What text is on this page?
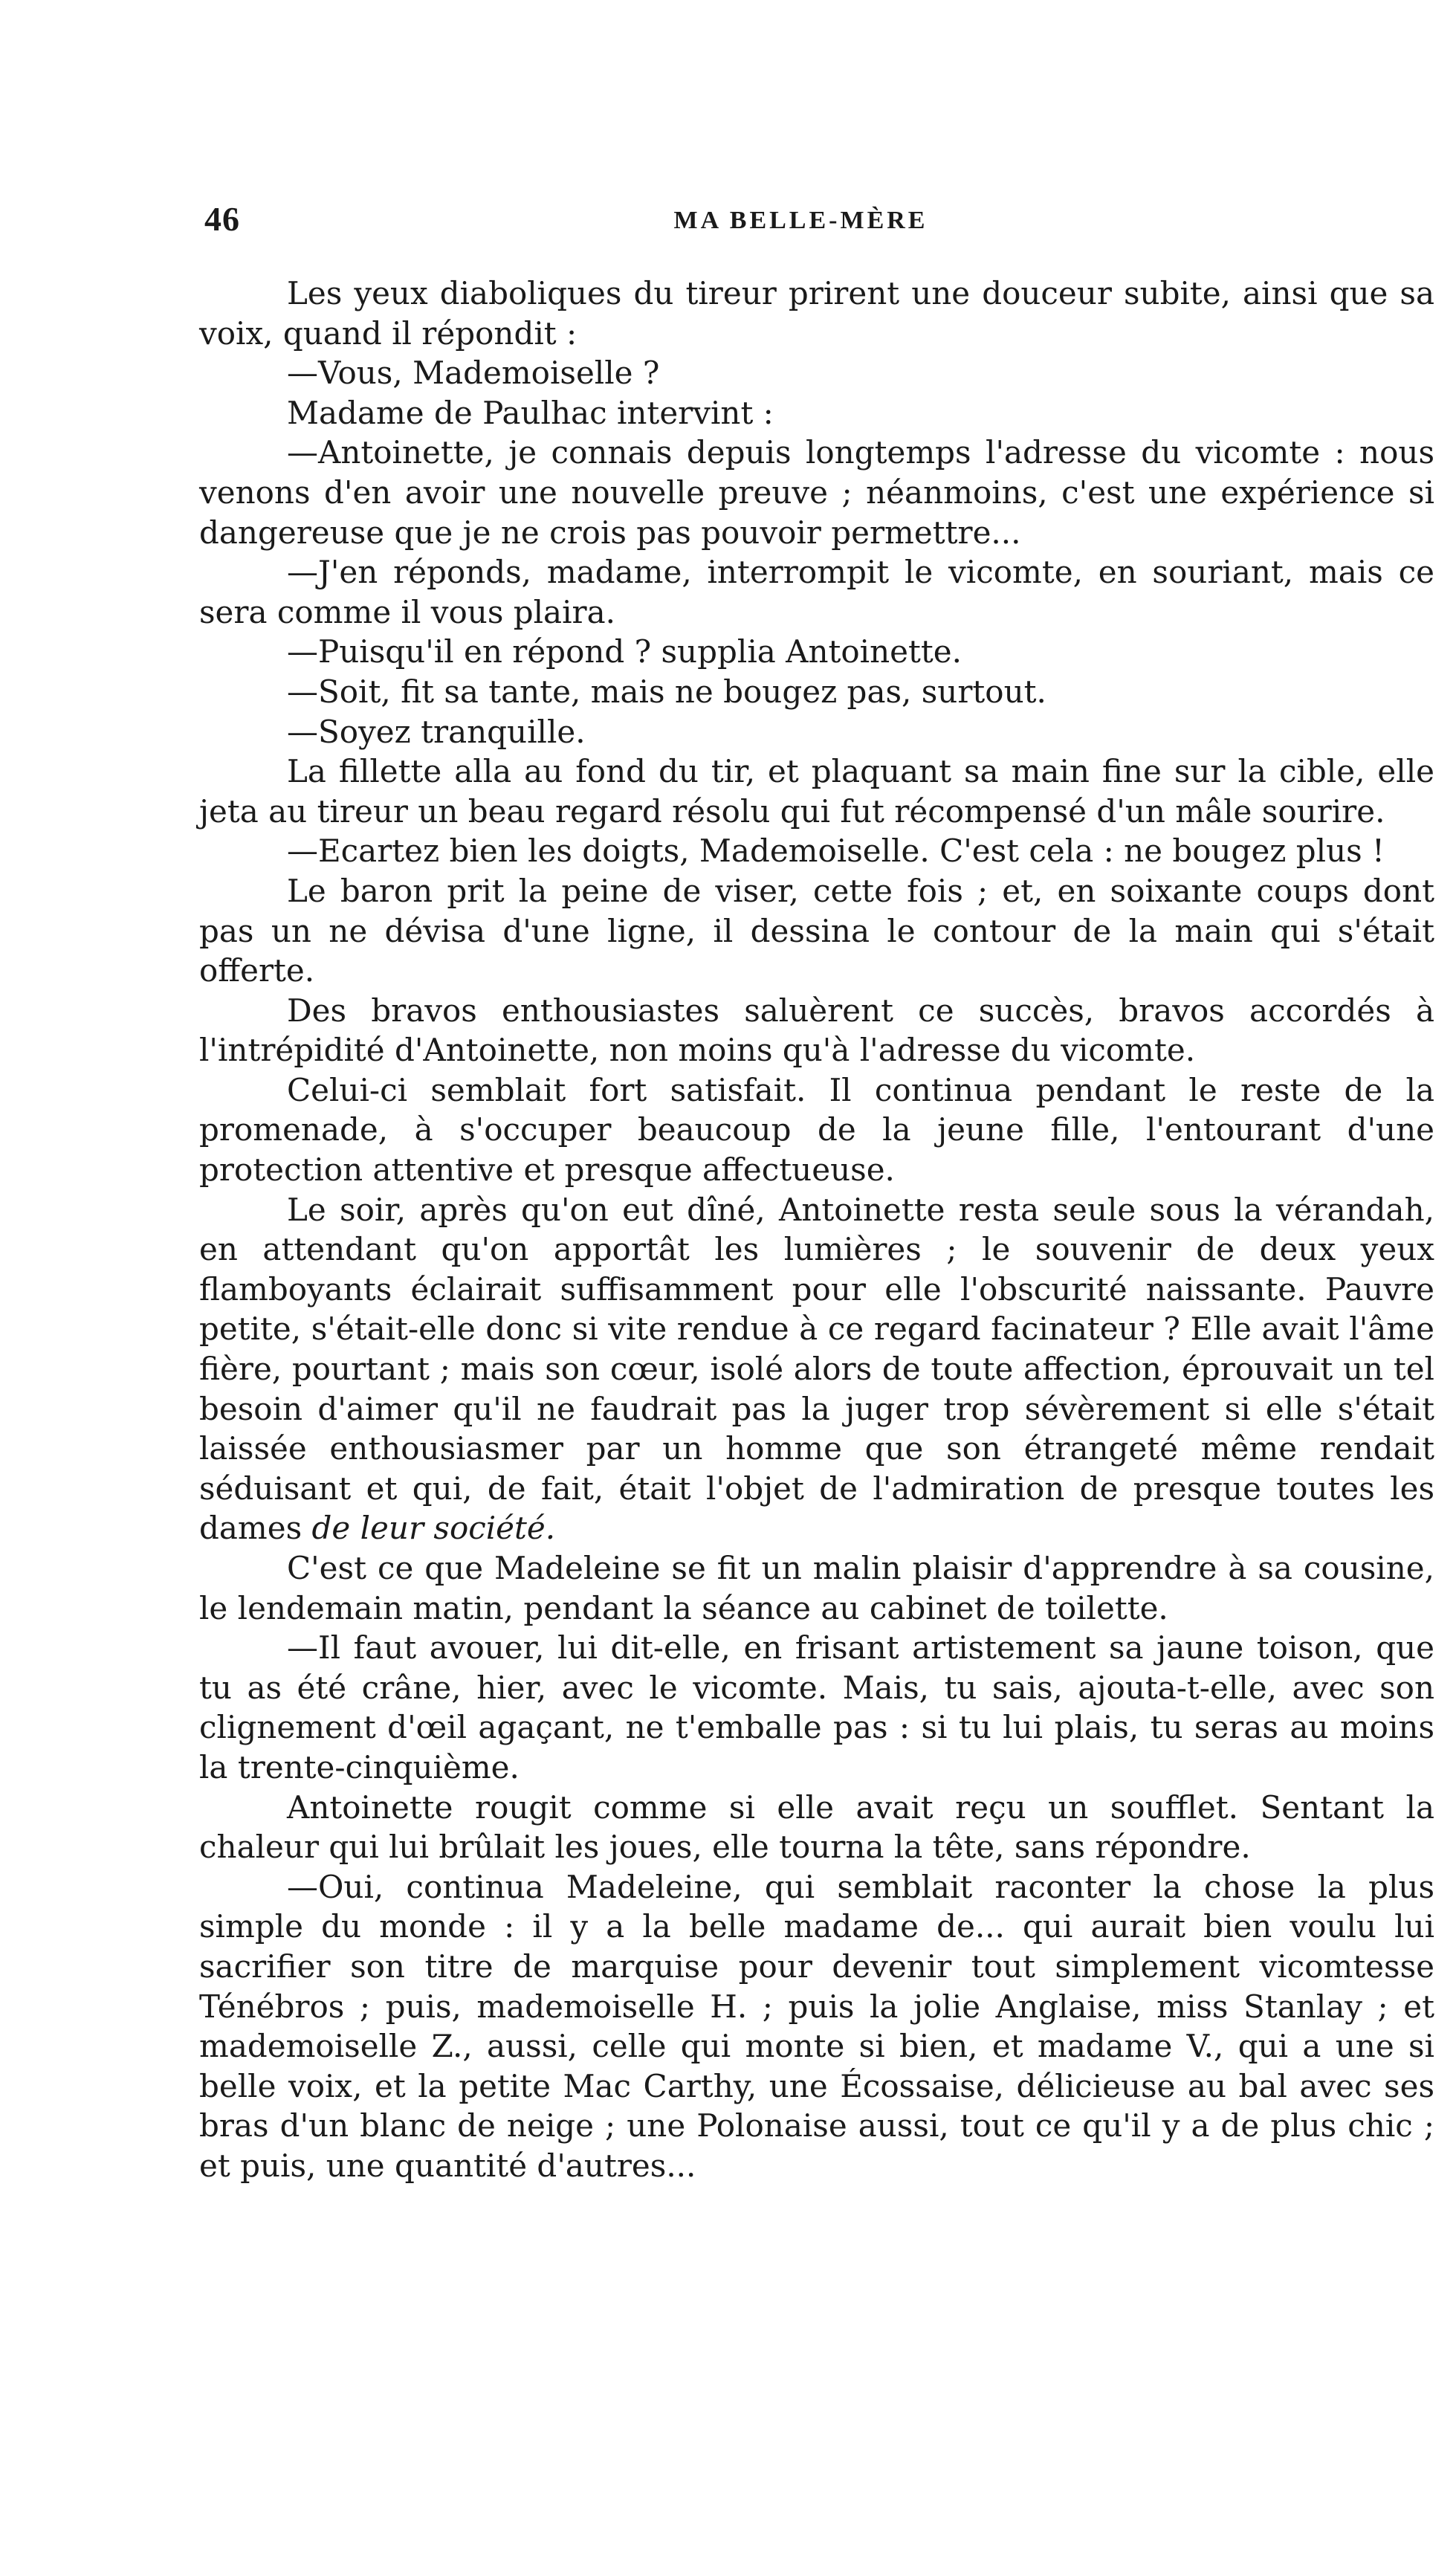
46	MA BELLE-MÈRE

Les yeux diaboliques du tireur prirent une douceur subite, ainsi que sa voix, quand il répondit :

—Vous, Mademoiselle ?

Madame de Paulhac intervint :

—Antoinette, je connais depuis longtemps l'adresse du vicomte : nous venons d'en avoir une nouvelle preuve ; néanmoins, c'est une expérience si dangereuse que je ne crois pas pouvoir permettre...

—J'en réponds, madame, interrompit le vicomte, en souriant, mais ce sera comme il vous plaira.

—Puisqu'il en répond ? supplia Antoinette.

—Soit, fit sa tante, mais ne bougez pas, surtout.

—Soyez tranquille.

La fillette alla au fond du tir, et plaquant sa main fine sur la cible, elle jeta au tireur un beau regard résolu qui fut récompensé d'un mâle sourire.

—Ecartez bien les doigts, Mademoiselle. C'est cela : ne bougez plus !

Le baron prit la peine de viser, cette fois ; et, en soixante coups dont pas un ne dévisa d'une ligne, il dessina le contour de la main qui s'était offerte.

Des bravos enthousiastes saluèrent ce succès, bravos accordés à l'intrépidité d'Antoinette, non moins qu'à l'adresse du vicomte.

Celui-ci semblait fort satisfait. Il continua pendant le reste de la promenade, à s'occuper beaucoup de la jeune fille, l'entourant d'une protection attentive et presque affectueuse.

Le soir, après qu'on eut dîné, Antoinette resta seule sous la vérandah, en attendant qu'on apportât les lumières ; le souvenir de deux yeux flamboyants éclairait suffisamment pour elle l'obscurité naissante. Pauvre petite, s'était-elle donc si vite rendue à ce regard facinateur ? Elle avait l'âme fière, pourtant ; mais son cœur, isolé alors de toute affection, éprouvait un tel besoin d'aimer qu'il ne faudrait pas la juger trop sévèrement si elle s'était laissée enthousiasmer par un homme que son étrangeté même rendait séduisant et qui, de fait, était l'objet de l'admiration de presque toutes les dames de leur société.

C'est ce que Madeleine se fit un malin plaisir d'apprendre à sa cousine, le lendemain matin, pendant la séance au cabinet de toilette.

—Il faut avouer, lui dit-elle, en frisant artistement sa jaune toison, que tu as été crâne, hier, avec le vicomte. Mais, tu sais, ajouta-t-elle, avec son clignement d'œil agaçant, ne t'emballe pas : si tu lui plais, tu seras au moins la trente-cinquième.

Antoinette rougit comme si elle avait reçu un soufflet. Sentant la chaleur qui lui brûlait les joues, elle tourna la tête, sans répondre.

—Oui, continua Madeleine, qui semblait raconter la chose la plus simple du monde : il y a la belle madame de... qui aurait bien voulu lui sacrifier son titre de marquise pour devenir tout simplement vicomtesse Ténébros ; puis, mademoiselle H. ; puis la jolie Anglaise, miss Stanlay ; et mademoiselle Z., aussi, celle qui monte si bien, et madame V., qui a une si belle voix, et la petite Mac Carthy, une Écossaise, délicieuse au bal avec ses bras d'un blanc de neige ; une Polonaise aussi, tout ce qu'il y a de plus chic ; et puis, une quantité d'autres...
